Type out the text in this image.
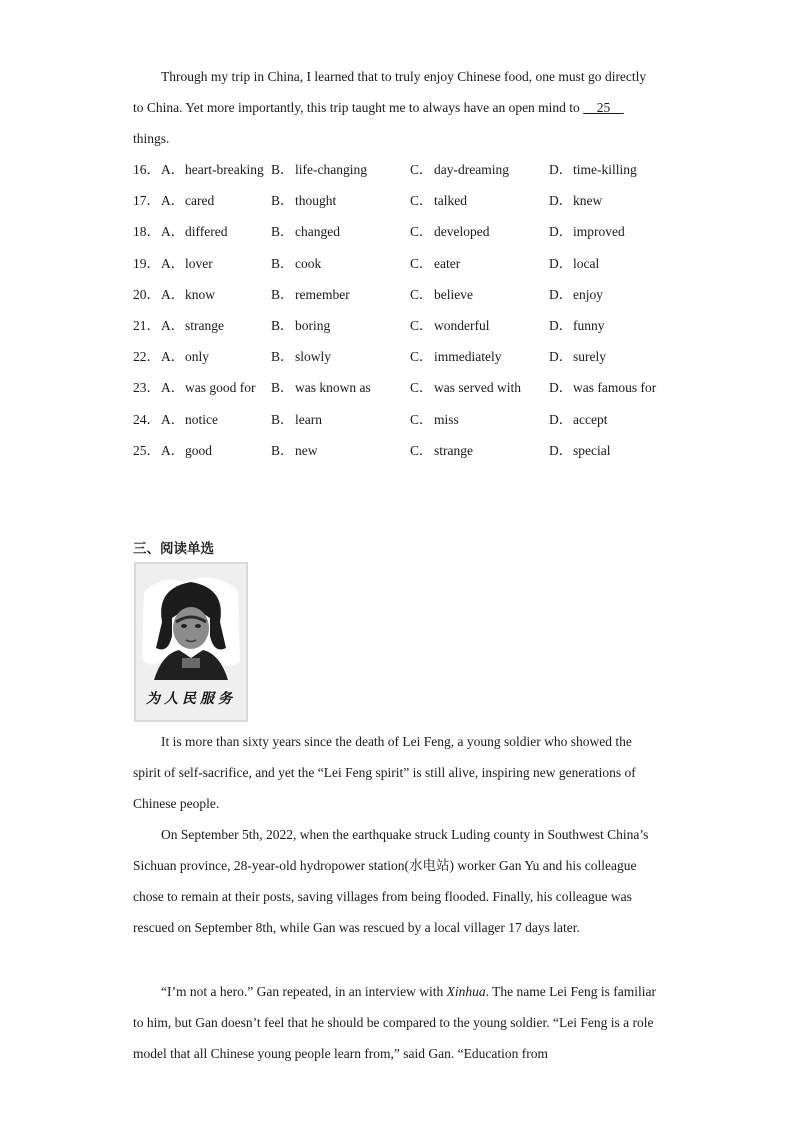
Through my trip in China, I learned that to truly enjoy Chinese food, one must go directly to China. Yet more importantly, this trip taught me to always have an open mind to     25     things.

16． A．heart-breaking B．life-changing	C．day-dreaming	D．time-killing
17． A．cared	B．thought	C．talked	D．knew
18． A．differed	B．changed	C．developed	D．improved
19． A．lover	B．cook	C．eater	D．local
20． A．know	B．remember	C．believe	D．enjoy
21． A．strange	B．boring	C．wonderful	D．funny
22． A．only	B．slowly	C．immediately	D．surely
23． A．was good for B．was known as	C．was served with D．was famous for
24． A．notice	B．learn	C．miss	D．accept
25． A．good	B．new	C．strange	D．special
三、阅读单选
为人民服务

It is more than sixty years since the death of Lei Feng, a young soldier who showed the spirit of self-sacrifice, and yet the “Lei Feng spirit” is still alive, inspiring new generations of Chinese people.

On September 5th, 2022, when the earthquake struck Luding county in Southwest China’s Sichuan province, 28-year-old hydropower station(水电站) worker Gan Yu and his colleague chose to remain at their posts, saving villages from being flooded. Finally, his colleague was rescued on September 8th, while Gan was rescued by a local villager 17 days later.

“I’m not a hero.” Gan repeated, in an interview with Xinhua. The name Lei Feng is familiar to him, but Gan doesn’t feel that he should be compared to the young soldier. “Lei Feng is a role model that all Chinese young people learn from,” said Gan. “Education from
